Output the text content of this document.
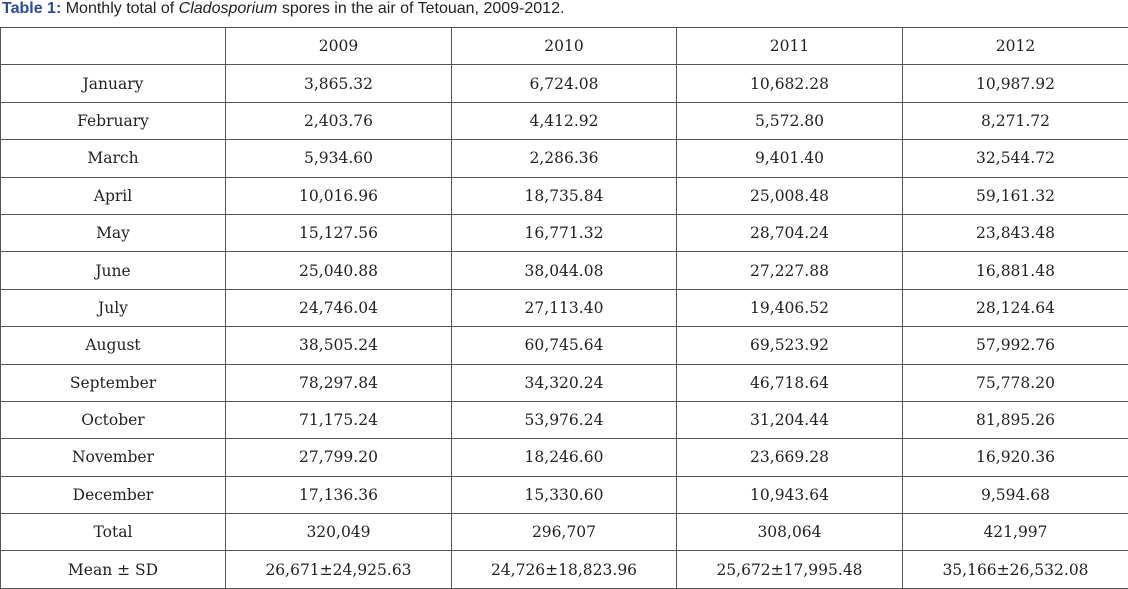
Table 1: Monthly total of Cladosporium spores in the air of Tetouan, 2009-2012.
	2009	2010	2011	2012
January	3,865.32	6,724.08	10,682.28	10,987.92
February	2,403.76	4,412.92	5,572.80	8,271.72
March	5,934.60	2,286.36	9,401.40	32,544.72
April	10,016.96	18,735.84	25,008.48	59,161.32
May	15,127.56	16,771.32	28,704.24	23,843.48
June	25,040.88	38,044.08	27,227.88	16,881.48
July	24,746.04	27,113.40	19,406.52	28,124.64
August	38,505.24	60,745.64	69,523.92	57,992.76
September	78,297.84	34,320.24	46,718.64	75,778.20
October	71,175.24	53,976.24	31,204.44	81,895.26
November	27,799.20	18,246.60	23,669.28	16,920.36
December	17,136.36	15,330.60	10,943.64	9,594.68
Total	320,049	296,707	308,064	421,997
Mean ± SD	26,671±24,925.63	24,726±18,823.96	25,672±17,995.48	35,166±26,532.08
